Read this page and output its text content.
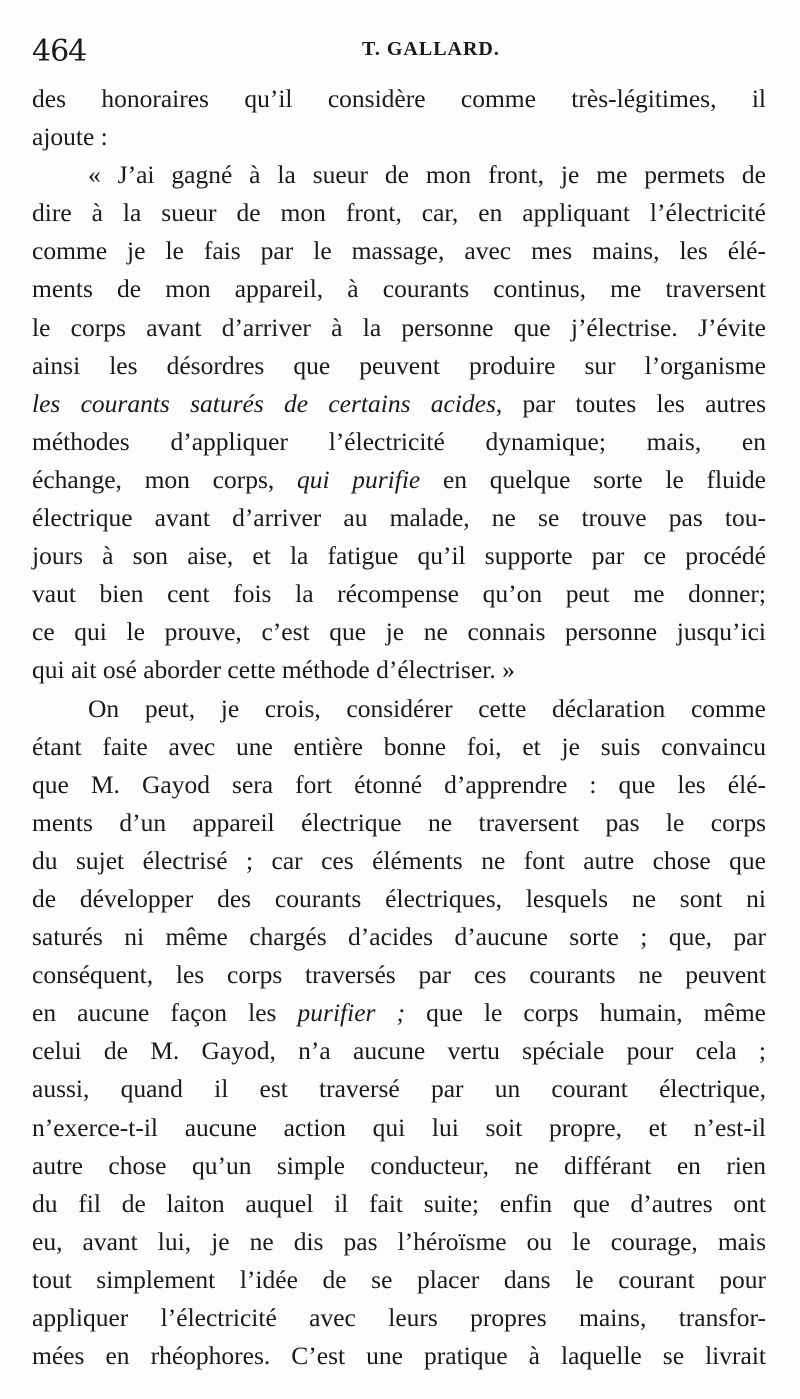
464	T. GALLARD.
des honoraires qu’il considère comme très-légitimes, il
ajoute :
« J’ai gagné à la sueur de mon front, je me permets de
dire à la sueur de mon front, car, en appliquant l’électricité
comme je le fais par le massage, avec mes mains, les élé-
ments de mon appareil, à courants continus, me traversent
le corps avant d’arriver à la personne que j’électrise. J’évite
ainsi les désordres que peuvent produire sur l’organisme
les courants saturés de certains acides, par toutes les autres
méthodes d’appliquer l’électricité dynamique; mais, en
échange, mon corps, qui purifie en quelque sorte le fluide
électrique avant d’arriver au malade, ne se trouve pas tou-
jours à son aise, et la fatigue qu’il supporte par ce procédé
vaut bien cent fois la récompense qu’on peut me donner;
ce qui le prouve, c’est que je ne connais personne jusqu’ici
qui ait osé aborder cette méthode d’électriser. »
On peut, je crois, considérer cette déclaration comme
étant faite avec une entière bonne foi, et je suis convaincu
que M. Gayod sera fort étonné d’apprendre : que les élé-
ments d’un appareil électrique ne traversent pas le corps
du sujet électrisé ; car ces éléments ne font autre chose que
de développer des courants électriques, lesquels ne sont ni
saturés ni même chargés d’acides d’aucune sorte ; que, par
conséquent, les corps traversés par ces courants ne peuvent
en aucune façon les purifier ; que le corps humain, même
celui de M. Gayod, n’a aucune vertu spéciale pour cela ;
aussi, quand il est traversé par un courant électrique,
n’exerce-t-il aucune action qui lui soit propre, et n’est-il
autre chose qu’un simple conducteur, ne différant en rien
du fil de laiton auquel il fait suite; enfin que d’autres ont
eu, avant lui, je ne dis pas l’héroïsme ou le courage, mais
tout simplement l’idée de se placer dans le courant pour
appliquer l’électricité avec leurs propres mains, transfor-
mées en rhéophores. C’est une pratique à laquelle se livrait
